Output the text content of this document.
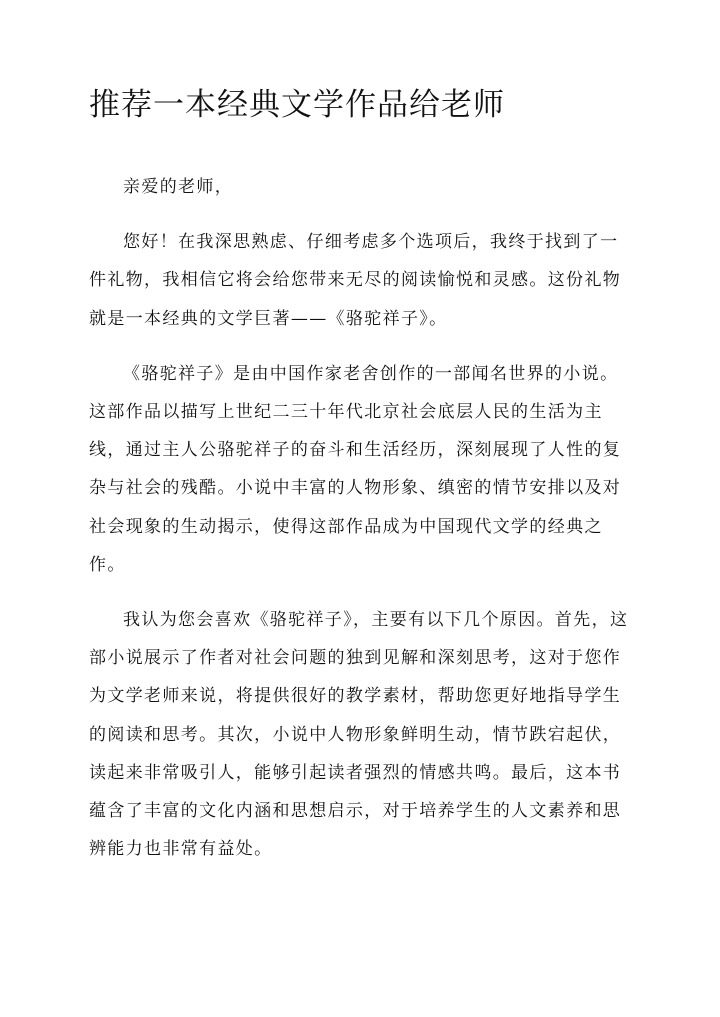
推荐一本经典文学作品给老师

亲爱的老师，

您好！在我深思熟虑、仔细考虑多个选项后，我终于找到了一件礼物，我相信它将会给您带来无尽的阅读愉悦和灵感。这份礼物就是一本经典的文学巨著——《骆驼祥子》。

《骆驼祥子》是由中国作家老舍创作的一部闻名世界的小说。这部作品以描写上世纪二三十年代北京社会底层人民的生活为主线，通过主人公骆驼祥子的奋斗和生活经历，深刻展现了人性的复杂与社会的残酷。小说中丰富的人物形象、缜密的情节安排以及对社会现象的生动揭示，使得这部作品成为中国现代文学的经典之作。

我认为您会喜欢《骆驼祥子》，主要有以下几个原因。首先，这部小说展示了作者对社会问题的独到见解和深刻思考，这对于您作为文学老师来说，将提供很好的教学素材，帮助您更好地指导学生的阅读和思考。其次，小说中人物形象鲜明生动，情节跌宕起伏，读起来非常吸引人，能够引起读者强烈的情感共鸣。最后，这本书蕴含了丰富的文化内涵和思想启示，对于培养学生的人文素养和思辨能力也非常有益处。
